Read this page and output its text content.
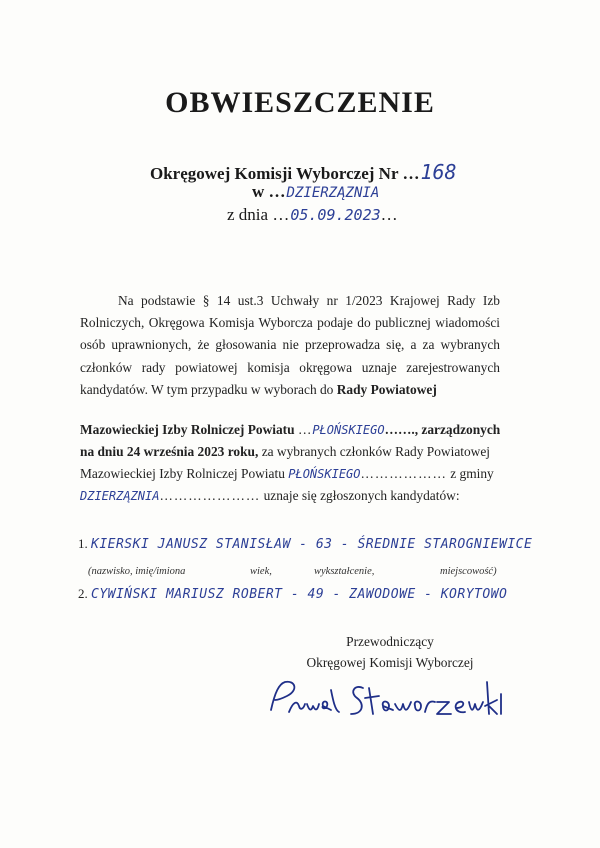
OBWIESZCZENIE
Okręgowej Komisji Wyborczej Nr …168
w …DZIERZĄZNIA
z dnia …05.09.2023…
Na podstawie § 14 ust.3 Uchwały nr 1/2023 Krajowej Rady Izb Rolniczych, Okręgowa Komisja Wyborcza podaje do publicznej wiadomości osób uprawnionych, że głosowania nie przeprowadza się, a za wybranych członków rady powiatowej komisja okręgowa uznaje zarejestrowanych kandydatów. W tym przypadku w wyborach do Rady Powiatowej
Mazowieckiej Izby Rolniczej Powiatu …PŁOŃSKIEGO……., zarządzonych
na dniu 24 września 2023 roku, za wybranych członków Rady Powiatowej
Mazowieckiej Izby Rolniczej Powiatu PŁOŃSKIEGO……………… z gminy
DZIERZĄZNIA………………… uznaje się zgłoszonych kandydatów:
1. KIERSKI JANUSZ STANISŁAW - 63 - ŚREDNIE STAROGNIEWICE
(nazwisko, imię/imiona	wiek,	wykształcenie,	miejscowość)
2. CYWIŃSKI MARIUSZ ROBERT - 49 - ZAWODOWE - KORYTOWO
Przewodniczący
Okręgowej Komisji Wyborczej
Paweł Staworzewski
